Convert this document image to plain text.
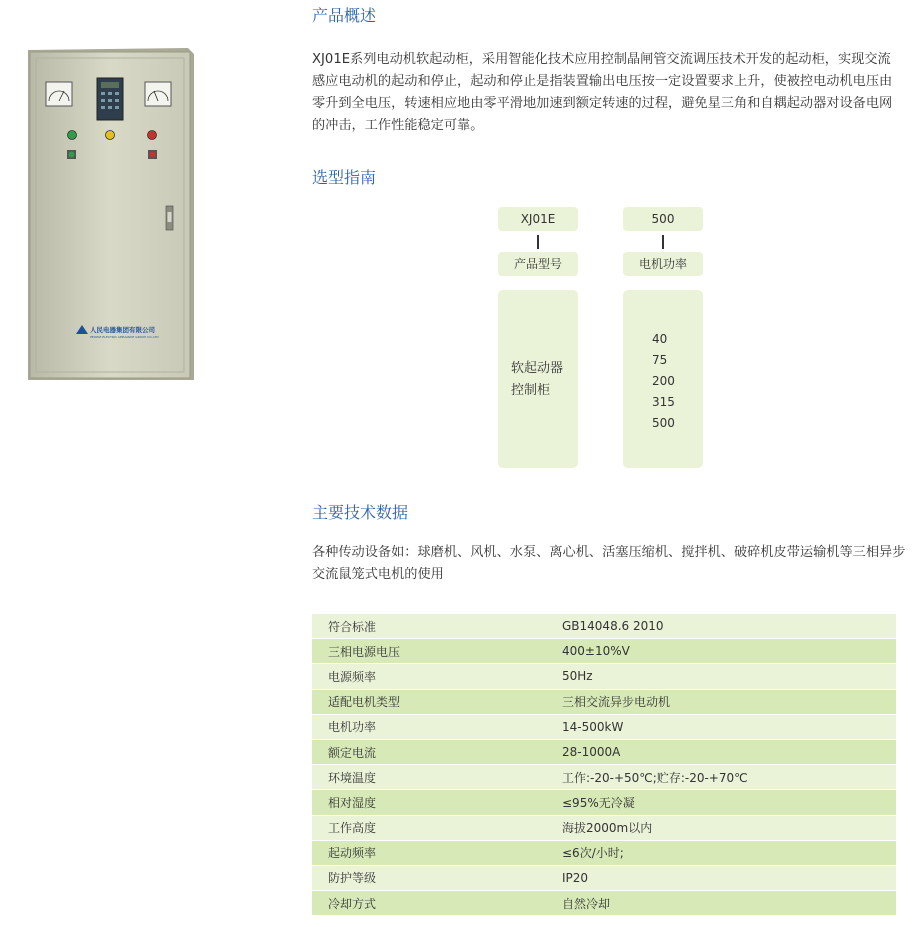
人民电器集团有限公司
PEOPLE ELECTRIC APPLIANCE GROUP CO.,LTD
产品概述

XJ01E系列电动机软起动柜，采用智能化技术应用控制晶闸管交流调压技术开发的起动柜，实现交流感应电动机的起动和停止，起动和停止是指装置输出电压按一定设置要求上升，使被控电动机电压由零升到全电压，转速相应地由零平滑地加速到额定转速的过程，避免星三角和自耦起动器对设备电网的冲击，工作性能稳定可靠。

选型指南
XJ01E	500
产品型号	电机功率
软起动器
控制柜
40
75
200
315
500
主要技术数据

各种传动设备如：球磨机、风机、水泵、离心机、活塞压缩机、搅拌机、破碎机皮带运输机等三相异步交流鼠笼式电机的使用

符合标准	GB14048.6 2010
三相电源电压	400±10%V
电源频率	50Hz
适配电机类型	三相交流异步电动机
电机功率	14-500kW
额定电流	28-1000A
环境温度	工作:-20-+50℃;贮存:-20-+70℃
相对湿度	≤95%无冷凝
工作高度	海拔2000m以内
起动频率	≤6次/小时;
防护等级	IP20
冷却方式	自然冷却
